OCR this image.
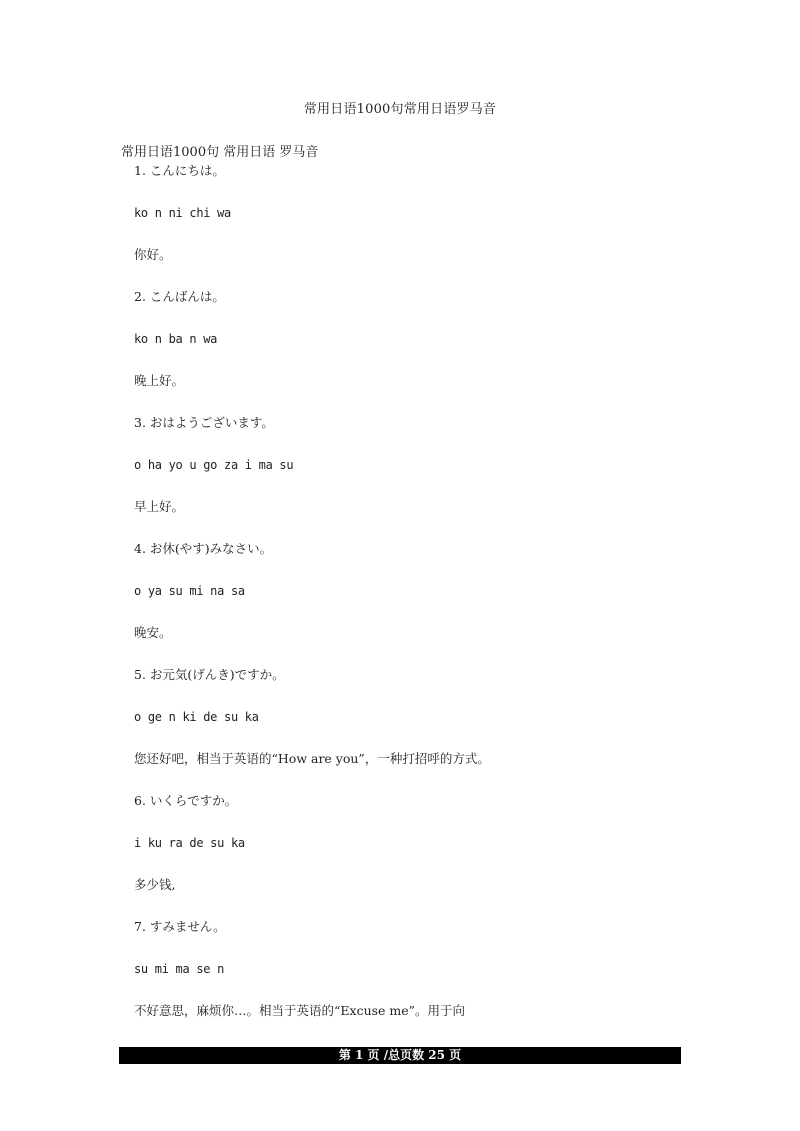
常用日语1000句常用日语罗马音
常用日语1000句 常用日语 罗马音
1. こんにちは。
ko n ni chi wa
你好。
2. こんばんは。
ko n ba n wa
晚上好。
3. おはようございます。
o ha yo u go za i ma su
早上好。
4. お休(やす)みなさい。
o ya su mi na sa
晚安。
5. お元気(げんき)ですか。
o ge n ki de su ka
您还好吧，相当于英语的“How are you”，一种打招呼的方式。
6. いくらですか。
i ku ra de su ka
多少钱,
7. すみません。
su mi ma se n
不好意思，麻烦你…。相当于英语的“Excuse me”。用于向
第 1 页 /总页数 25 页
